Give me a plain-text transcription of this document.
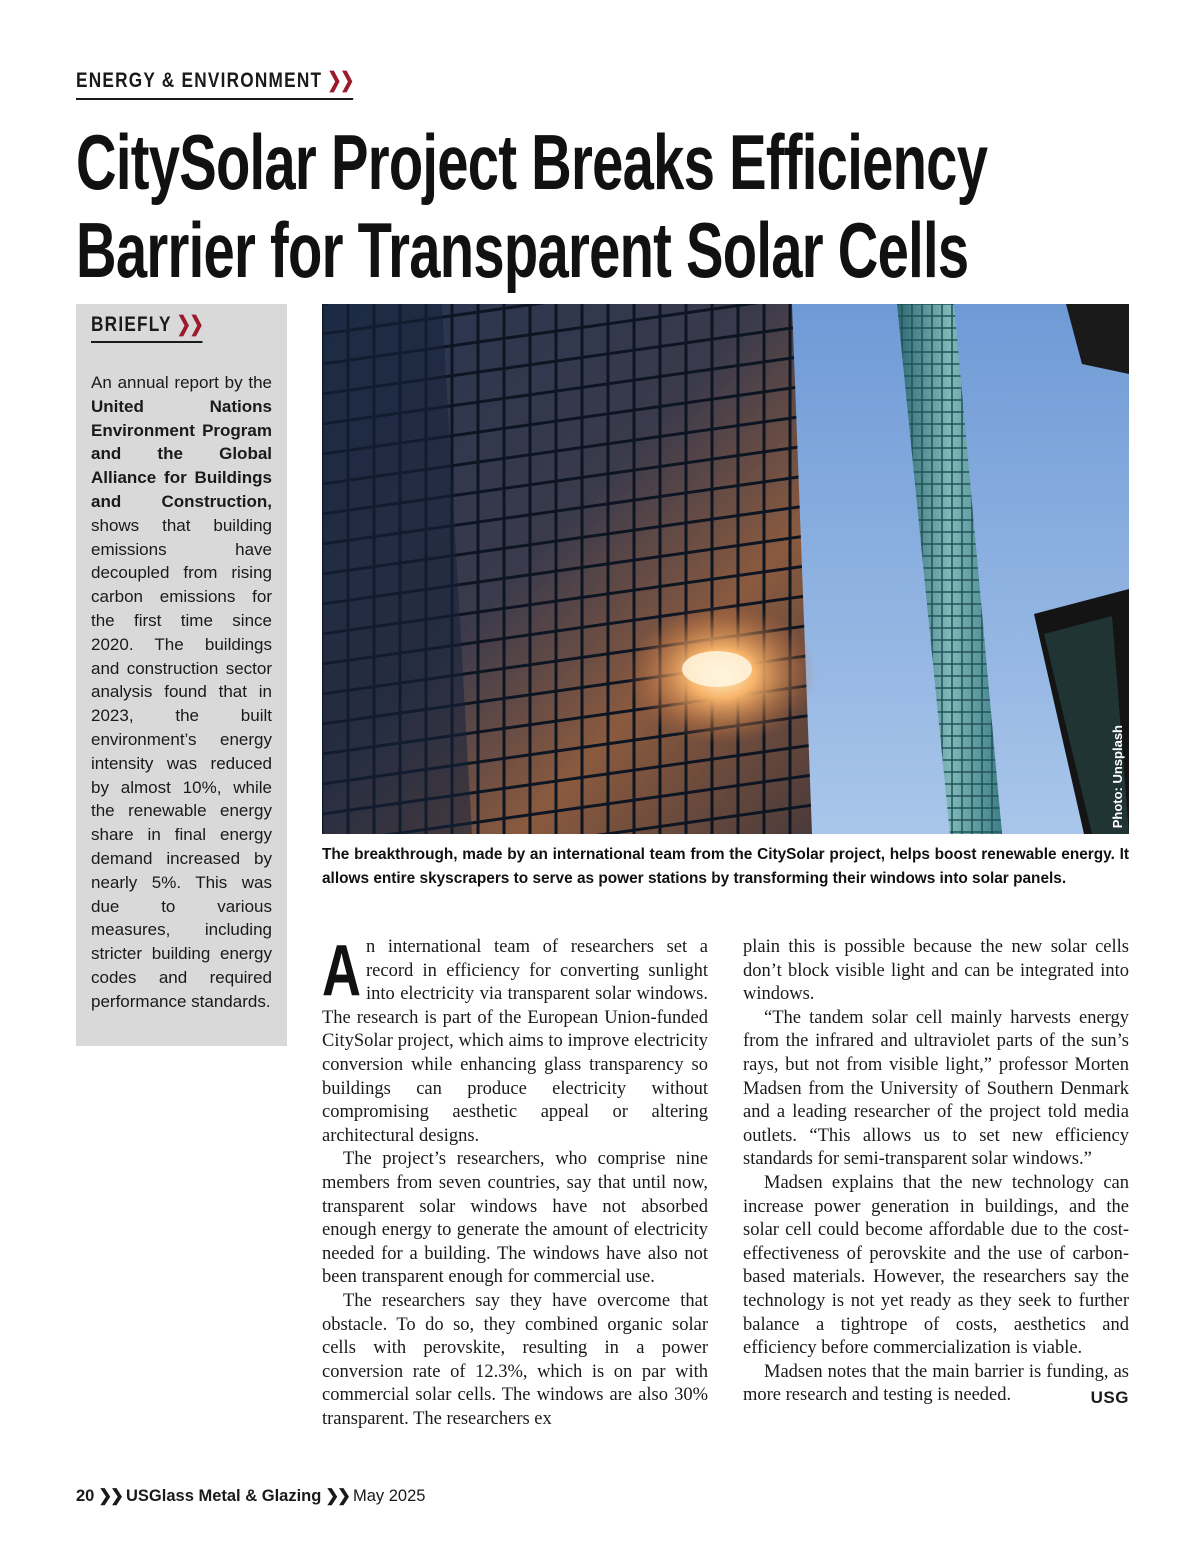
ENERGY & ENVIRONMENT ❯❯
CitySolar Project Breaks Efficiency
Barrier for Transparent Solar Cells
BRIEFLY ❯❯

An annual report by the United Nations Environment Program and the Global Alliance for Buildings and Construction, shows that building emissions have decoupled from rising carbon emissions for the first time since 2020. The buildings and construction sector analysis found that in 2023, the built environment’s energy intensity was reduced by almost 10%, while the renewable energy share in final energy demand increased by nearly 5%. This was due to various measures, including stricter building energy codes and required performance standards.

Photo: Unsplash

The breakthrough, made by an international team from the CitySolar project, helps boost renewable energy. It allows entire skyscrapers to serve as power stations by transforming their windows into solar panels.

An international team of researchers set a record in efficiency for converting sunlight into electricity via transparent solar windows. The research is part of the European Union-funded CitySolar project, which aims to improve electricity conversion while enhancing glass transparency so buildings can produce electricity without compromising aesthetic appeal or altering architectural designs.

The project’s researchers, who comprise nine members from seven countries, say that until now, transparent solar windows have not absorbed enough energy to generate the amount of electricity needed for a building. The windows have also not been transparent enough for commercial use.

The researchers say they have overcome that obstacle. To do so, they combined organic solar cells with perovskite, resulting in a power conversion rate of 12.3%, which is on par with commercial solar cells. The windows are also 30% transparent. The researchers ex

plain this is possible because the new solar cells don’t block visible light and can be integrated into windows.

“The tandem solar cell mainly harvests energy from the infrared and ultraviolet parts of the sun’s rays, but not from visible light,” professor Morten Madsen from the University of Southern Denmark and a leading researcher of the project told media outlets. “This allows us to set new efficiency standards for semi-transparent solar windows.”

Madsen explains that the new technology can increase power generation in buildings, and the solar cell could become affordable due to the cost-effectiveness of perovskite and the use of carbon-based materials. However, the researchers say the technology is not yet ready as they seek to further balance a tightrope of costs, aesthetics and efficiency before commercialization is viable.

Madsen notes that the main barrier is funding, as more research and testing is needed.	USG

20 ❯❯ USGlass Metal & Glazing ❯❯ May 2025
